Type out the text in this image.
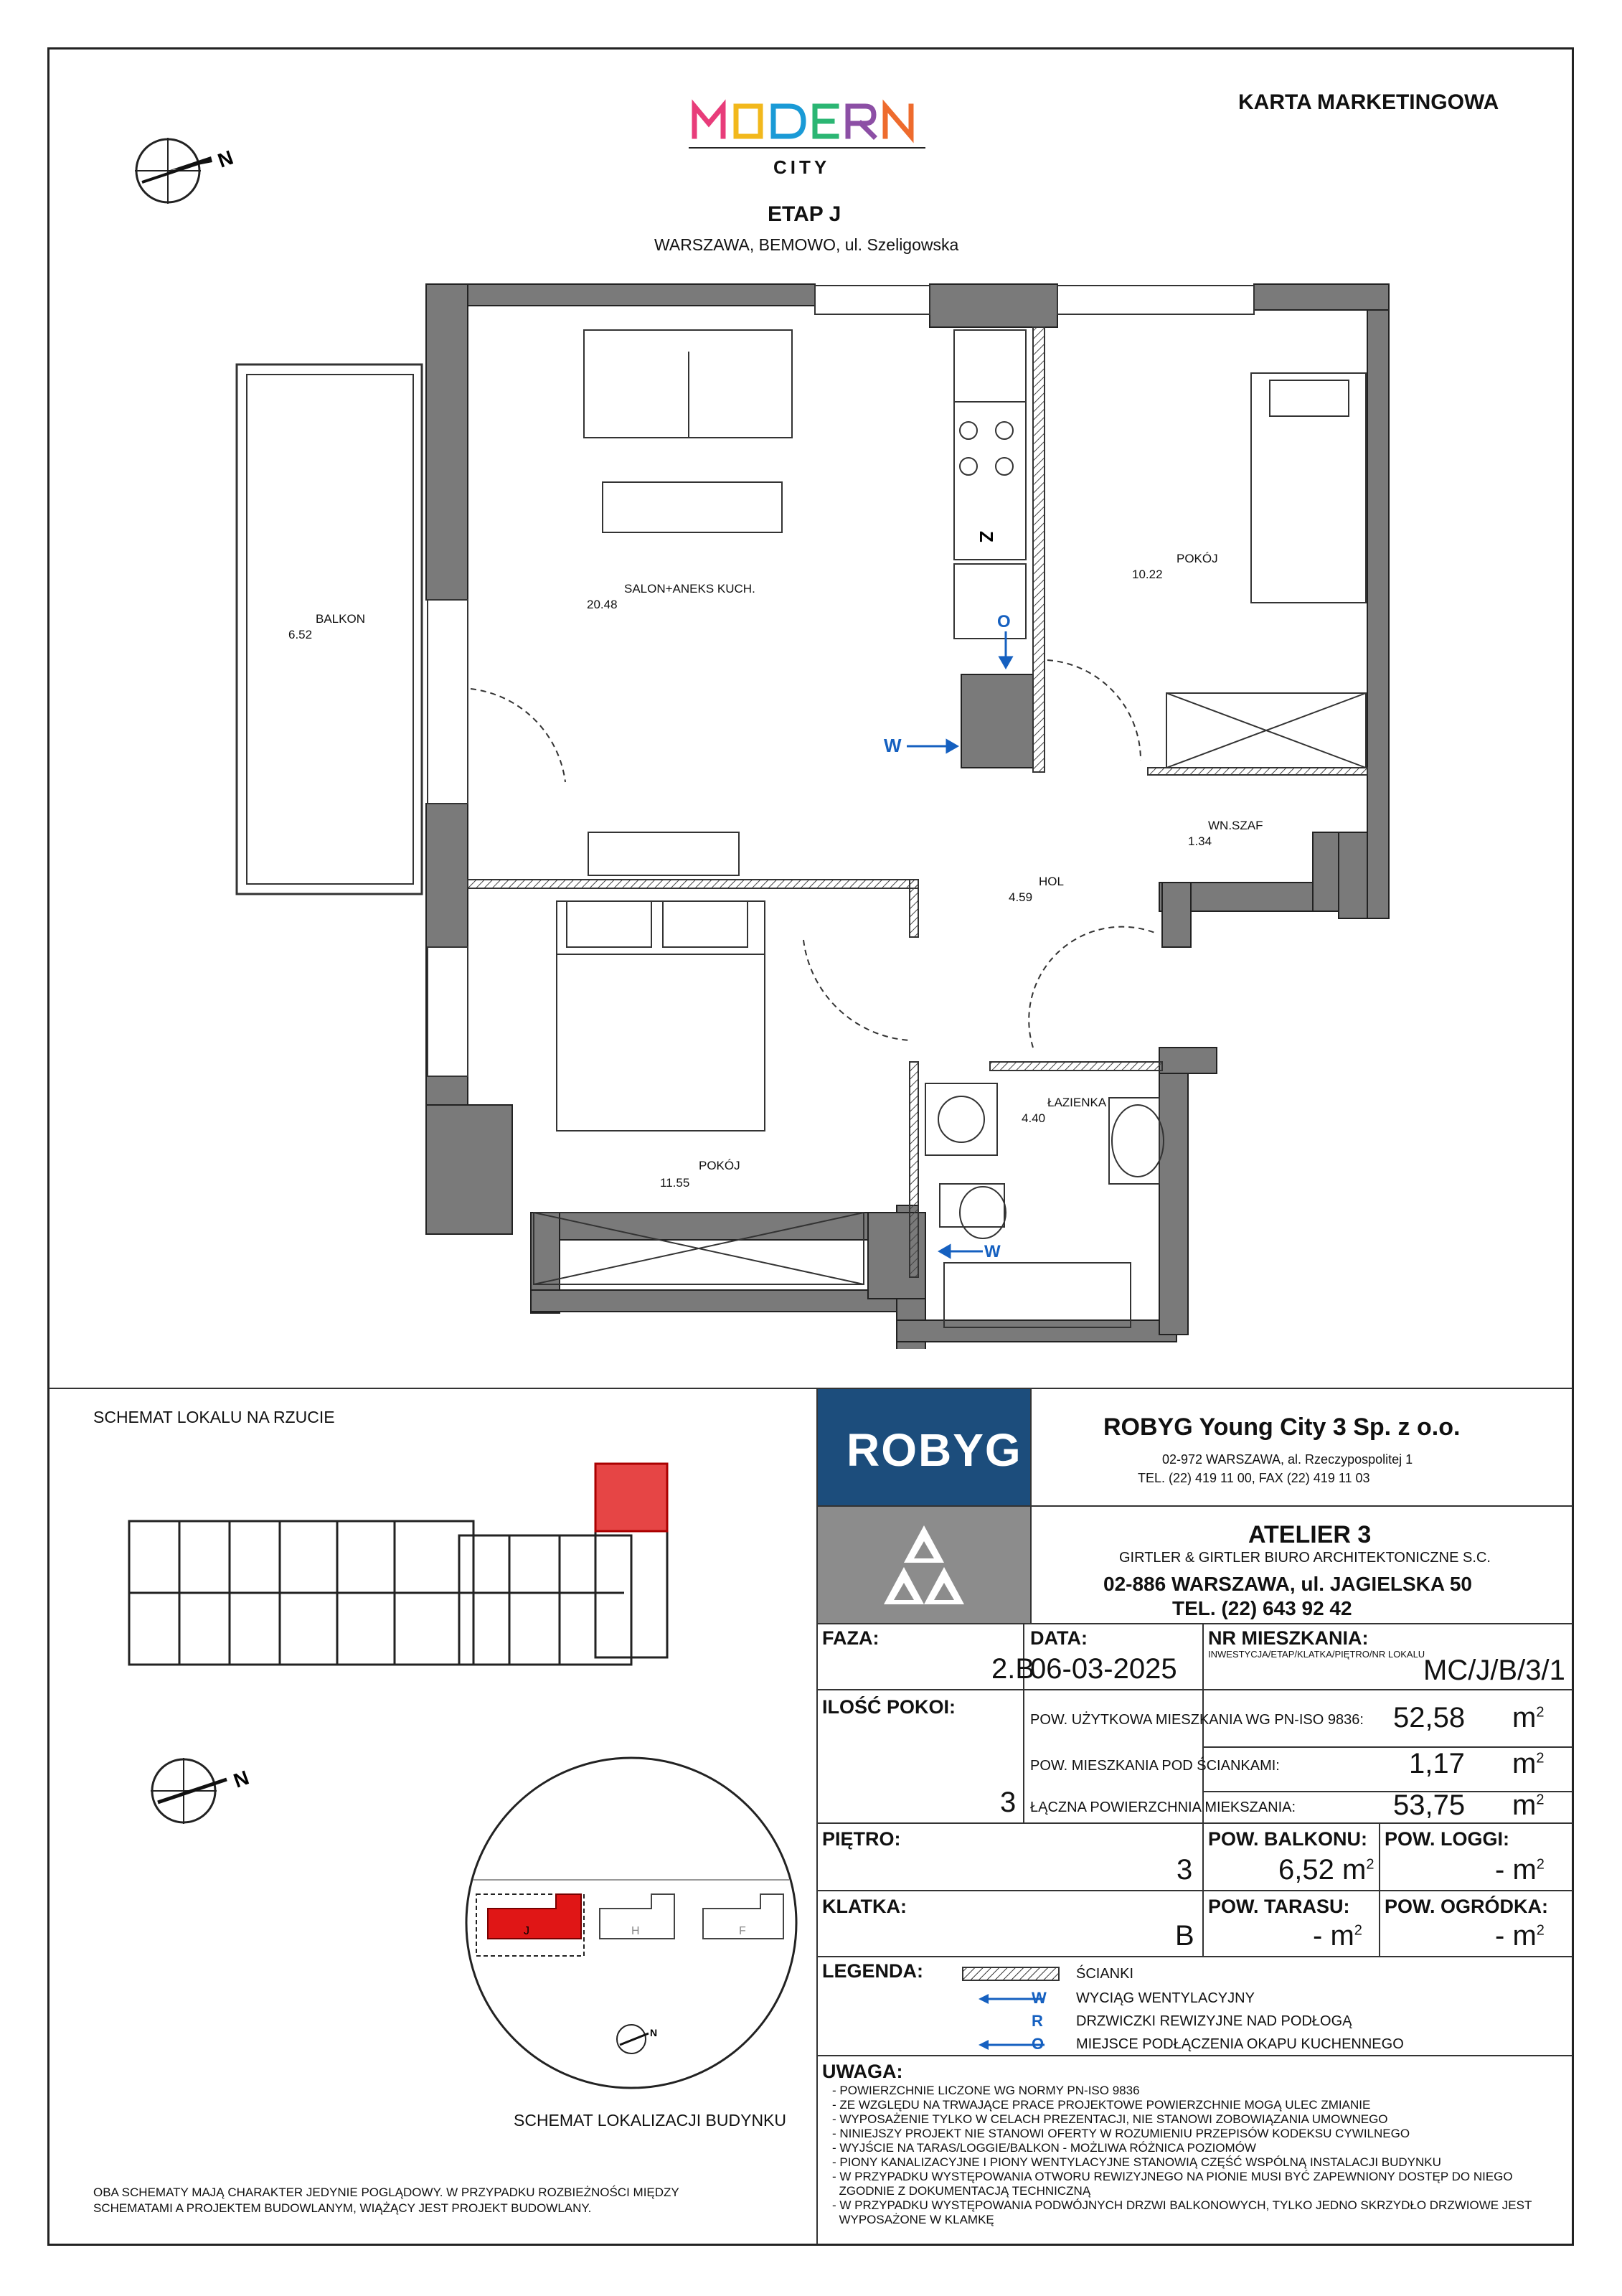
KARTA MARKETINGOWA
CITY
ETAP J
WARSZAWA, BEMOWO, ul. Szeligowska
N
W
O
W
Z
SALON+ANEKS KUCH.
20.48
POKÓJ
10.22
BALKON
6.52
WN.SZAF
1.34
HOL
4.59
ŁAZIENKA
4.40
POKÓJ
11.55
SCHEMAT LOKALU NA RZUCIE
N
J	H	F
N
SCHEMAT LOKALIZACJI BUDYNKU
OBA SCHEMATY MAJĄ CHARAKTER JEDYNIE POGLĄDOWY. W PRZYPADKU ROZBIEŻNOŚCI MIĘDZY
SCHEMATAMI A PROJEKTEM BUDOWLANYM, WIĄŻĄCY JEST PROJEKT BUDOWLANY.
ROBYG	ROBYG Young City 3 Sp. z o.o.
02-972 WARSZAWA, al. Rzeczypospolitej 1
TEL. (22) 419 11 00, FAX (22) 419 11 03
ATELIER 3
GIRTLER & GIRTLER BIURO ARCHITEKTONICZNE S.C.
02-886 WARSZAWA, ul. JAGIELSKA 50
TEL. (22) 643 92 42
FAZA:
2.B
DATA:
06-03-2025
NR MIESZKANIA:
INWESTYCJA/ETAP/KLATKA/PIĘTRO/NR LOKALU
MC/J/B/3/1
ILOŚĆ POKOI:
3
POW. UŻYTKOWA MIESZKANIA WG PN-ISO 9836: 52,58 $m^2$
POW. MIESZKANIA POD ŚCIANKAMI:	1,17 $m^2$
ŁĄCZNA POWIERZCHNIA MIEKSZANIA:	53,75 $m^2$
PIĘTRO:
3
POW. BALKONU:
6,52 $m^2$
POW. LOGGI:
- $m^2$
KLATKA:
B
POW. TARASU:
- $m^2$
POW. OGRÓDKA:
- $m^2$
LEGENDA:	ŚCIANKI
W WYCIĄG WENTYLACYJNY
R DRZWICZKI REWIZYJNE NAD PODŁOGĄ
O MIEJSCE PODŁĄCZENIA OKAPU KUCHENNEGO
UWAGA:
- POWIERZCHNIE LICZONE WG NORMY PN-ISO 9836
- ZE WZGLĘDU NA TRWAJĄCE PRACE PROJEKTOWE POWIERZCHNIE MOGĄ ULEC ZMIANIE
- WYPOSAŻENIE TYLKO W CELACH PREZENTACJI, NIE STANOWI ZOBOWIĄZANIA UMOWNEGO
- NINIEJSZY PROJEKT NIE STANOWI OFERTY W ROZUMIENIU PRZEPISÓW KODEKSU CYWILNEGO
- WYJŚCIE NA TARAS/LOGGIE/BALKON - MOŻLIWA RÓŻNICA POZIOMÓW
- PIONY KANALIZACYJNE I PIONY WENTYLACYJNE STANOWIĄ CZĘŚĆ WSPÓLNĄ INSTALACJI BUDYNKU
- W PRZYPADKU WYSTĘPOWANIA OTWORU REWIZYJNEGO NA PIONIE MUSI BYĆ ZAPEWNIONY DOSTĘP DO NIEGO
ZGODNIE Z DOKUMENTACJĄ TECHNICZNĄ
- W PRZYPADKU WYSTĘPOWANIA PODWÓJNYCH DRZWI BALKONOWYCH, TYLKO JEDNO SKRZYDŁO DRZWIOWE JEST
WYPOSAŻONE W KLAMKĘ
